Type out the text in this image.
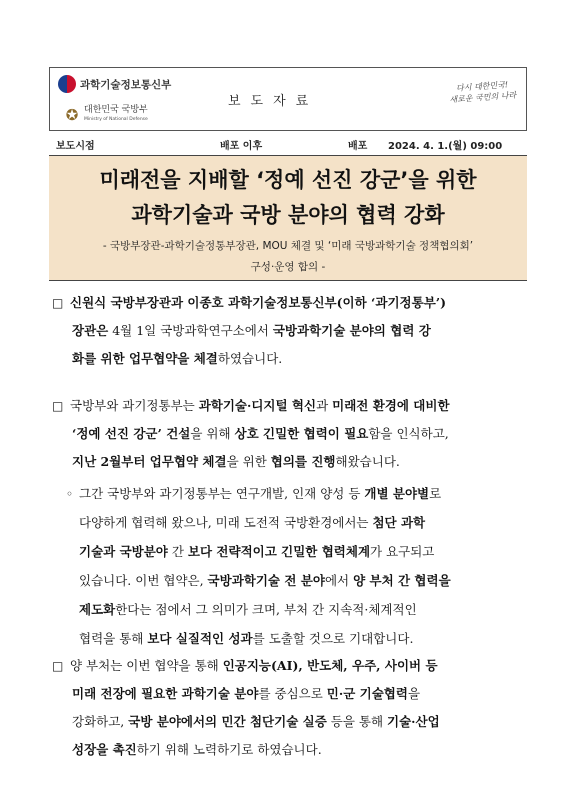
과학기술정보통신부
✪ 대한민국 국방부
Ministry of National Defense
보도자료
다시 대한민국!
새로운 국민의 나라
보도시점	배포 이후	배포 2024. 4. 1.(월) 09:00
미래전을 지배할 ‘정예 선진 강군’을 위한
과학기술과 국방 분야의 협력 강화
- 국방부장관-과학기술정통부장관, MOU 체결 및 ‘미래 국방과학기술 정책협의회’
구성·운영 합의 -
□ 신원식 국방부장관과 이종호 과학기술정보통신부(이하 ‘과기정통부’)
장관은 4월 1일 국방과학연구소에서 국방과학기술 분야의 협력 강
화를 위한 업무협약을 체결하였습니다.
□ 국방부와 과기정통부는 과학기술·디지털 혁신과 미래전 환경에 대비한
‘정예 선진 강군’ 건설을 위해 상호 긴밀한 협력이 필요함을 인식하고,
지난 2월부터 업무협약 체결을 위한 협의를 진행해왔습니다.
◦ 그간 국방부와 과기정통부는 연구개발, 인재 양성 등 개별 분야별로
다양하게 협력해 왔으나, 미래 도전적 국방환경에서는 첨단 과학
기술과 국방분야 간 보다 전략적이고 긴밀한 협력체계가 요구되고
있습니다. 이번 협약은, 국방과학기술 전 분야에서 양 부처 간 협력을
제도화한다는 점에서 그 의미가 크며, 부처 간 지속적·체계적인
협력을 통해 보다 실질적인 성과를 도출할 것으로 기대합니다.
□ 양 부처는 이번 협약을 통해 인공지능(AI), 반도체, 우주, 사이버 등
미래 전장에 필요한 과학기술 분야를 중심으로 민·군 기술협력을
강화하고, 국방 분야에서의 민간 첨단기술 실증 등을 통해 기술·산업
성장을 촉진하기 위해 노력하기로 하였습니다.
